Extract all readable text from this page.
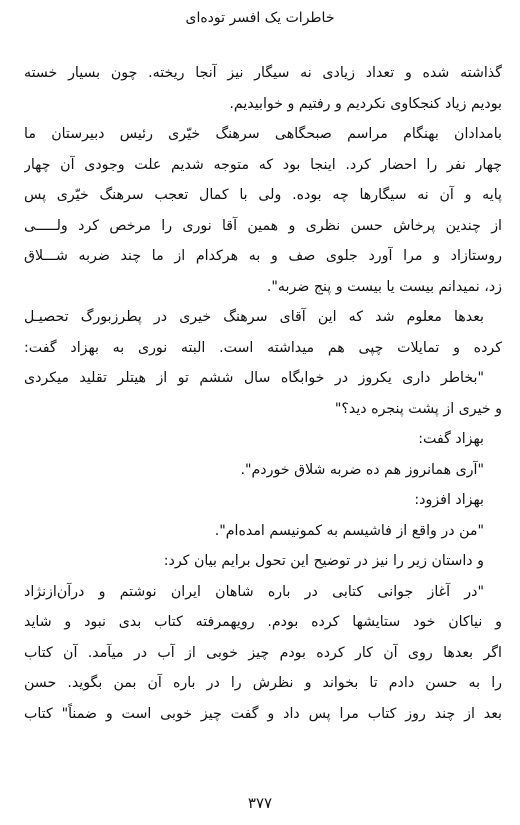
خاطرات یک افسر توده‌ای
گذاشته شده و تعداد زیادی نه سیگار نیز آنجا ریخته. چون بسیار خسته
بودیم زیاد کنجکاوی نکردیم و رفتیم و خوابیدیم.
بامدادان بهنگام مراسم صبحگاهی سرهنگ خیّری رئیس دبیرستان ما
چهار نفر را احضار کرد. اینجا بود که متوجه شدیم علت وجودی آن چهار
پایه و آن نه سیگارها چه بوده. ولی با کمال تعجب سرهنگ خیّری پس
از چندین پرخاش حسن نظری و همین آقا نوری را مرخص کرد ولـــــی
روستازاد و مرا آورد جلوی صف و به هرکدام از ما چند ضربه شـــلاق
زد، نمیدانم بیست یا بیست و پنج ضربه".
بعدها معلوم شد که این آقای سرهنگ خیری در پطرزبورگ تحصیـل
کرده و تمایلات چپی هم میداشته است. البته نوری به بهزاد گفت:
"بخاطر داری یکروز در خوابگاه سال ششم تو از هیتلر تقلید میکردی
و خیری از پشت پنجره دید؟"
بهزاد گفت:
"آری همانروز هم ده ضربه شلاق خوردم".
بهزاد افزود:
"من در واقع از فاشیسم به کمونیسم امده‌ام".
و داستان زیر را نیز در توضیح این تحول برایم بیان کرد:
"در آغاز جوانی کتابی در باره شاهان ایران نوشتم و درآن‌ازنژاد
و نیاکان خود ستایشها کرده بودم. رویهمرفته کتاب بدی نبود و شاید
اگر بعدها روی آن کار کرده بودم چیز خوبی از آب در میآمد. آن کتاب
را به حسن دادم تا بخواند و نظرش را در باره آن بمن بگوید. حسن
بعد از چند روز کتاب مرا پس داد و گفت چیز خوبی است و ضمناً" کتاب
۳۷۷
